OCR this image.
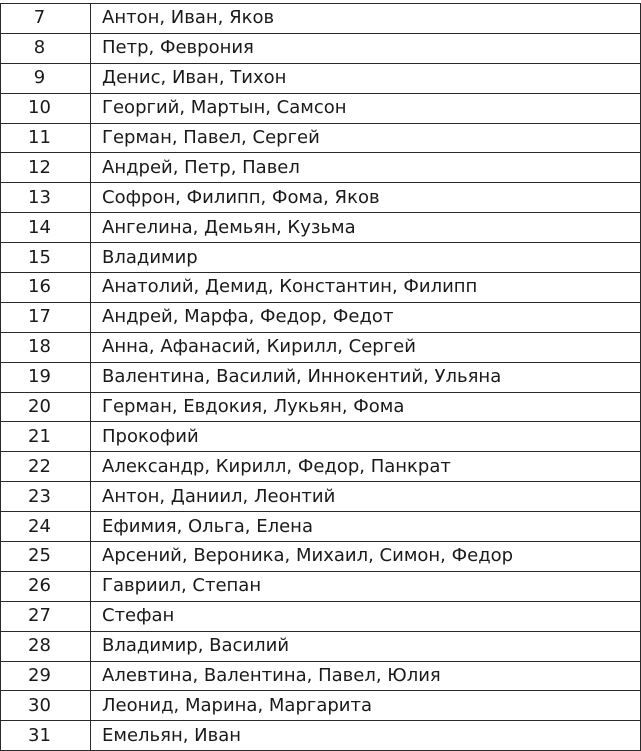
7	Антон, Иван, Яков
8	Петр, Феврония
9	Денис, Иван, Тихон
10	Георгий, Мартын, Самсон
11	Герман, Павел, Сергей
12	Андрей, Петр, Павел
13	Софрон, Филипп, Фома, Яков
14	Ангелина, Демьян, Кузьма
15	Владимир
16	Анатолий, Демид, Константин, Филипп
17	Андрей, Марфа, Федор, Федот
18	Анна, Афанасий, Кирилл, Сергей
19	Валентина, Василий, Иннокентий, Ульяна
20	Герман, Евдокия, Лукьян, Фома
21	Прокофий
22	Александр, Кирилл, Федор, Панкрат
23	Антон, Даниил, Леонтий
24	Ефимия, Ольга, Елена
25	Арсений, Вероника, Михаил, Симон, Федор
26	Гавриил, Степан
27	Стефан
28	Владимир, Василий
29	Алевтина, Валентина, Павел, Юлия
30	Леонид, Марина, Маргарита
31	Емельян, Иван
